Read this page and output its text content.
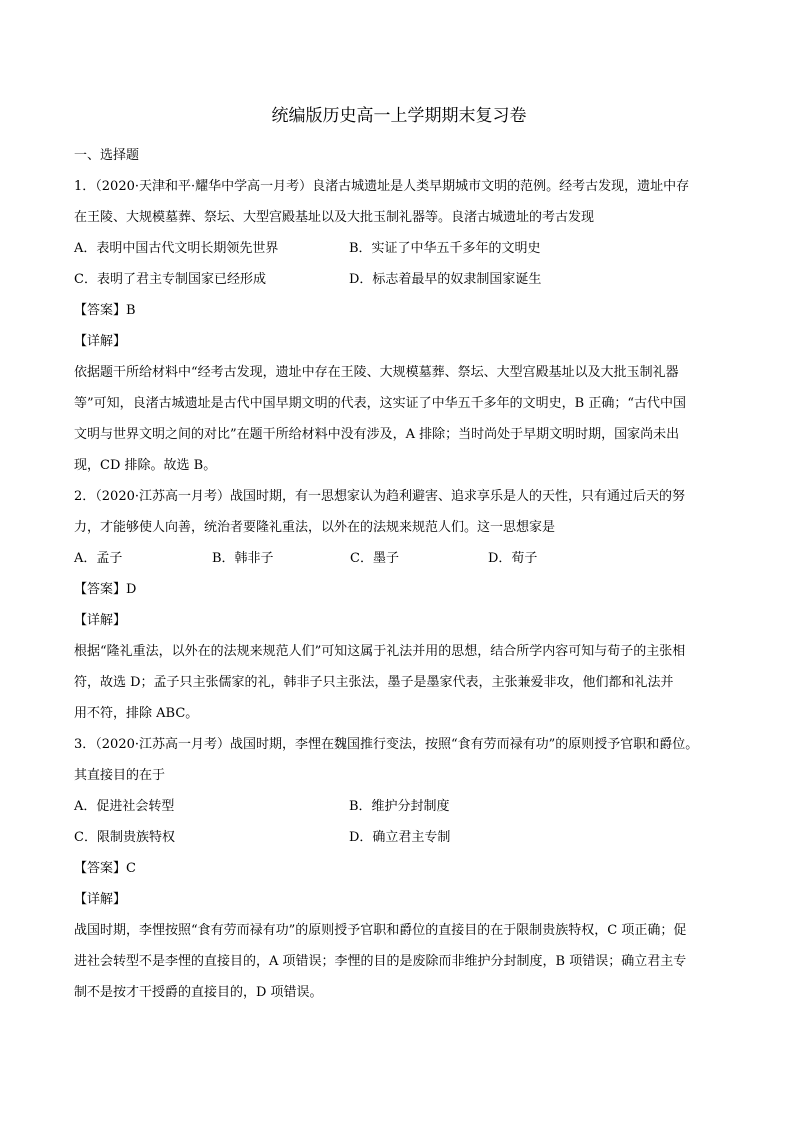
统编版历史高一上学期期末复习卷
一、选择题
1．（2020·天津和平·耀华中学高一月考）良渚古城遗址是人类早期城市文明的范例。经考古发现，遗址中存
在王陵、大规模墓葬、祭坛、大型宫殿基址以及大批玉制礼器等。良渚古城遗址的考古发现
A．表明中国古代文明长期领先世界	B．实证了中华五千多年的文明史
C．表明了君主专制国家已经形成	D．标志着最早的奴隶制国家诞生
【答案】B
【详解】
依据题干所给材料中“经考古发现，遗址中存在王陵、大规模墓葬、祭坛、大型宫殿基址以及大批玉制礼器
等”可知，良渚古城遗址是古代中国早期文明的代表，这实证了中华五千多年的文明史，B 正确；“古代中国
文明与世界文明之间的对比”在题干所给材料中没有涉及，A 排除；当时尚处于早期文明时期，国家尚未出
现，CD 排除。故选 B。
2．（2020·江苏高一月考）战国时期，有一思想家认为趋利避害、追求享乐是人的天性，只有通过后天的努
力，才能够使人向善，统治者要隆礼重法，以外在的法规来规范人们。这一思想家是
A．孟子	B．韩非子	C．墨子	D．荀子
【答案】D
【详解】
根据“隆礼重法，以外在的法规来规范人们”可知这属于礼法并用的思想，结合所学内容可知与荀子的主张相
符，故选 D；孟子只主张儒家的礼，韩非子只主张法，墨子是墨家代表，主张兼爱非攻，他们都和礼法并
用不符，排除 ABC。
3．（2020·江苏高一月考）战国时期，李悝在魏国推行变法，按照“食有劳而禄有功”的原则授予官职和爵位。
其直接目的在于
A．促进社会转型	B．维护分封制度
C．限制贵族特权	D．确立君主专制
【答案】C
【详解】
战国时期，李悝按照“食有劳而禄有功”的原则授予官职和爵位的直接目的在于限制贵族特权，C 项正确；促
进社会转型不是李悝的直接目的，A 项错误；李悝的目的是废除而非维护分封制度，B 项错误；确立君主专
制不是按才干授爵的直接目的，D 项错误。
